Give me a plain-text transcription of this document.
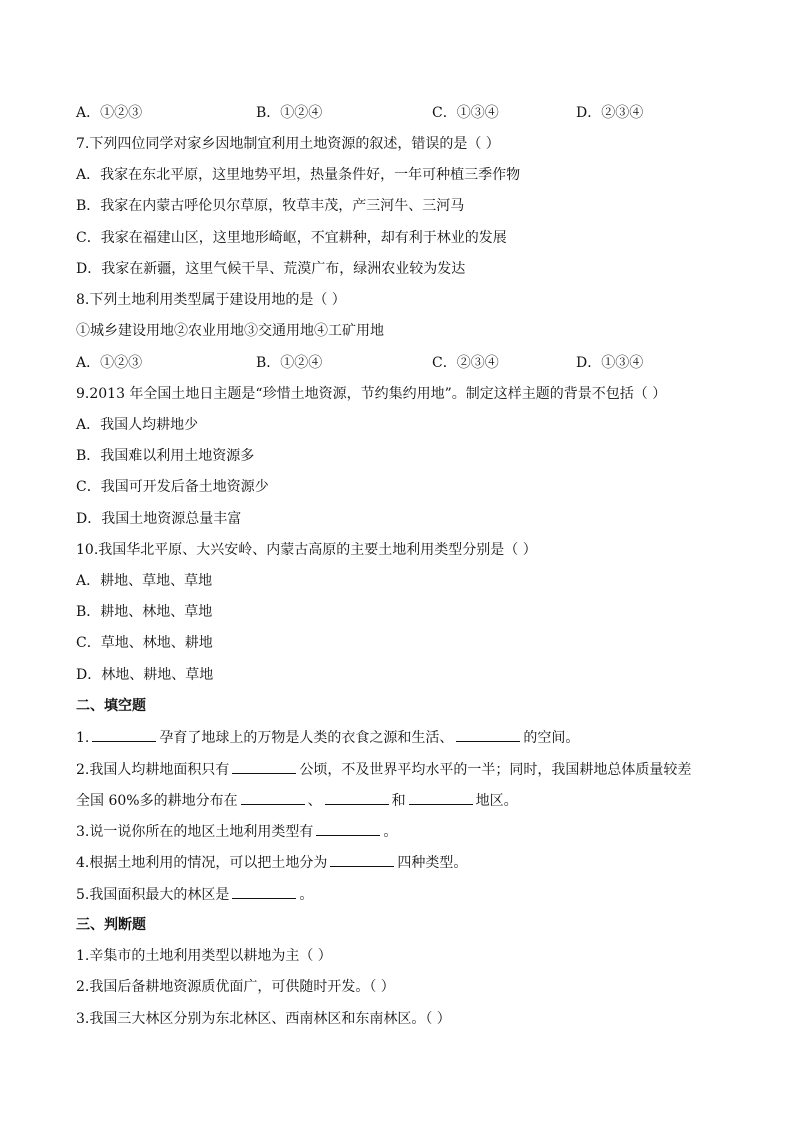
A．①②③	B．①②④	C．①③④	D．②③④
7.下列四位同学对家乡因地制宜利用土地资源的叙述，错误的是（ ）
A．我家在东北平原，这里地势平坦，热量条件好，一年可种植三季作物
B．我家在内蒙古呼伦贝尔草原，牧草丰茂，产三河牛、三河马
C．我家在福建山区，这里地形崎岖，不宜耕种，却有利于林业的发展
D．我家在新疆，这里气候干旱、荒漠广布，绿洲农业较为发达
8.下列土地利用类型属于建设用地的是（ ）
①城乡建设用地②农业用地③交通用地④工矿用地
A．①②③	B．①②④	C．②③④	D．①③④
9.2013 年全国土地日主题是“珍惜土地资源，节约集约用地”。制定这样主题的背景不包括（ ）
A．我国人均耕地少
B．我国难以利用土地资源多
C．我国可开发后备土地资源少
D．我国土地资源总量丰富
10.我国华北平原、大兴安岭、内蒙古高原的主要土地利用类型分别是（ ）
A．耕地、草地、草地
B．耕地、林地、草地
C．草地、林地、耕地
D．林地、耕地、草地
二、填空题
1.	孕育了地球上的万物是人类的衣食之源和生活、	的空间。
2.我国人均耕地面积只有	公顷，不及世界平均水平的一半；同时，我国耕地总体质量较差
全国 60%多的耕地分布在	、	和	地区。
3.说一说你所在的地区土地利用类型有	。
4.根据土地利用的情况，可以把土地分为	四种类型。
5.我国面积最大的林区是	。
三、判断题
1.辛集市的土地利用类型以耕地为主（ ）
2.我国后备耕地资源质优面广，可供随时开发。（ ）
3.我国三大林区分别为东北林区、西南林区和东南林区。（ ）
